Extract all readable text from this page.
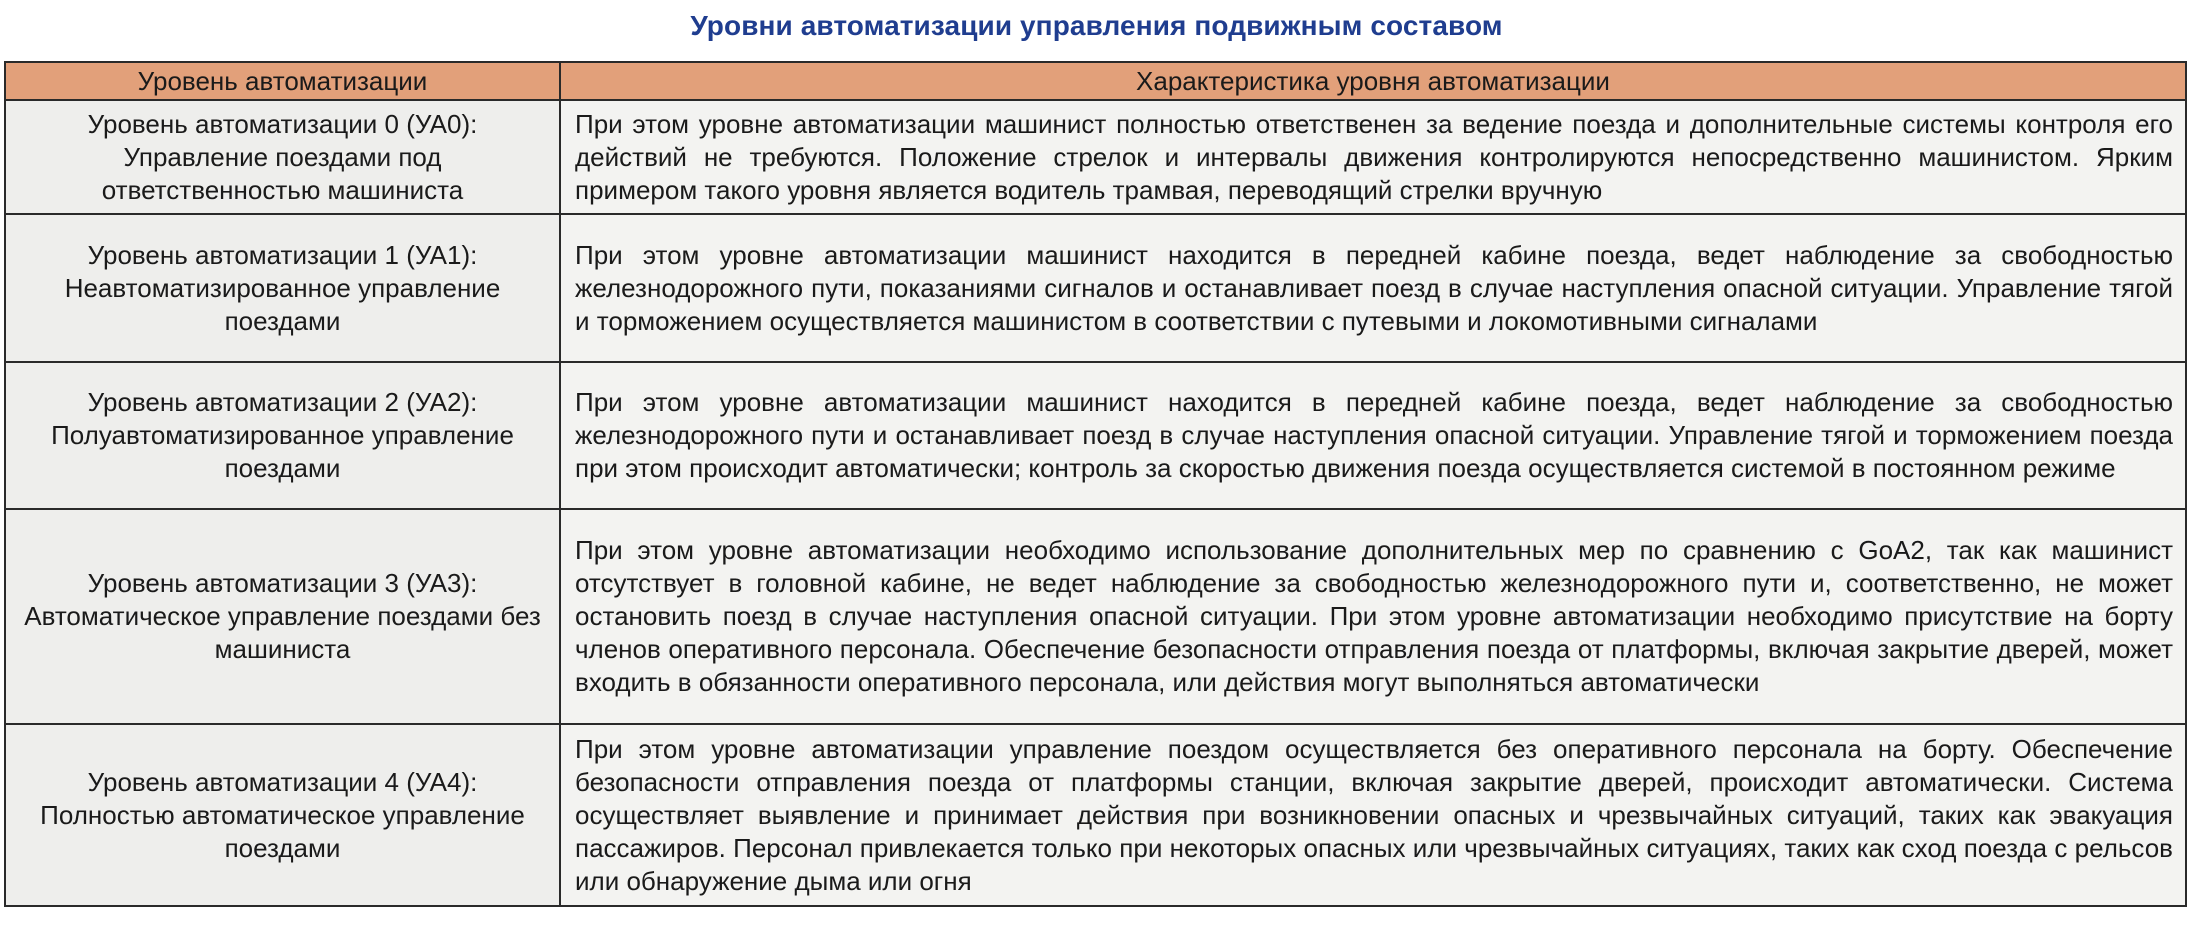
Уровни автоматизации управления подвижным составом
Уровень автоматизации	Характеристика уровня автоматизации

Уровень автоматизации 0 (УА0):
Управление поездами под ответственностью машиниста	При этом уровне автоматизации машинист полностью ответственен за ведение поезда и дополнительные системы контроля его действий не требуются. Положение стрелок и интервалы движения контролируются непосредственно машинистом. Ярким примером такого уровня является водитель трамвая, переводящий стрелки вручную

Уровень автоматизации 1 (УА1):
Неавтоматизированное управление поездами	При этом уровне автоматизации машинист находится в передней кабине поезда, ведет наблюдение за свободностью железнодорожного пути, показаниями сигналов и останавливает поезд в случае наступления опасной ситуации. Управление тягой и торможением осуществляется машинистом в соответствии с путевыми и локомотивными сигналами

Уровень автоматизации 2 (УА2):
Полуавтоматизированное управление поездами	При этом уровне автоматизации машинист находится в передней кабине поезда, ведет наблюдение за свободностью железнодорожного пути и останавливает поезд в случае наступления опасной ситуации. Управление тягой и торможением поезда при этом происходит автоматически; контроль за скоростью движения поезда осуществляется системой в постоянном режиме

Уровень автоматизации 3 (УА3):
Автоматическое управление поездами без машиниста	При этом уровне автоматизации необходимо использование дополнительных мер по сравнению с GoA2, так как машинист отсутствует в головной кабине, не ведет наблюдение за свободностью железнодорожного пути и, соответственно, не может остановить поезд в случае наступления опасной ситуации. При этом уровне автоматизации необходимо присутствие на борту членов оперативного персонала. Обеспечение безопасности отправления поезда от платформы, включая закрытие дверей, может входить в обязанности оперативного персонала, или действия могут выполняться автоматически

Уровень автоматизации 4 (УА4):
Полностью автоматическое управление поездами	При этом уровне автоматизации управление поездом осуществляется без оперативного персонала на борту. Обеспечение безопасности отправления поезда от платформы станции, включая закрытие дверей, происходит автоматически. Система осуществляет выявление и принимает действия при возникновении опасных и чрезвычайных ситуаций, таких как эвакуация пассажиров. Персонал привлекается только при некоторых опасных или чрезвычайных ситуациях, таких как сход поезда с рельсов или обнаружение дыма или огня
